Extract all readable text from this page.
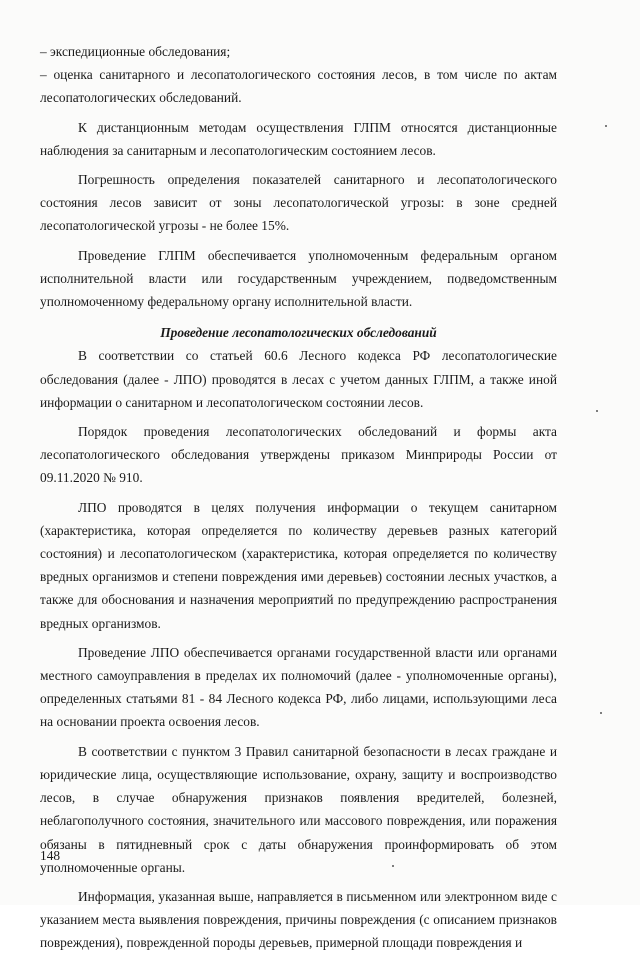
– экспедиционные обследования;

– оценка санитарного и лесопатологического состояния лесов, в том числе по актам лесопатологических обследований.

К дистанционным методам осуществления ГЛПМ относятся дистанционные наблюдения за санитарным и лесопатологическим состоянием лесов.

Погрешность определения показателей санитарного и лесопатологического состояния лесов зависит от зоны лесопатологической угрозы: в зоне средней лесопатологической угрозы - не более 15%.

Проведение ГЛПМ обеспечивается уполномоченным федеральным органом исполнительной власти или государственным учреждением, подведомственным уполномоченному федеральному органу исполнительной власти.

Проведение лесопатологических обследований

В соответствии со статьей 60.6 Лесного кодекса РФ лесопатологические обследования (далее - ЛПО) проводятся в лесах с учетом данных ГЛПМ, а также иной информации о санитарном и лесопатологическом состоянии лесов.

Порядок проведения лесопатологических обследований и формы акта лесопатологического обследования утверждены приказом Минприроды России от 09.11.2020 № 910.

ЛПО проводятся в целях получения информации о текущем санитарном (характеристика, которая определяется по количеству деревьев разных категорий состояния) и лесопатологическом (характеристика, которая определяется по количеству вредных организмов и степени повреждения ими деревьев) состоянии лесных участков, а также для обоснования и назначения мероприятий по предупреждению распространения вредных организмов.

Проведение ЛПО обеспечивается органами государственной власти или органами местного самоуправления в пределах их полномочий (далее - уполномоченные органы), определенных статьями 81 - 84 Лесного кодекса РФ, либо лицами, использующими леса на основании проекта освоения лесов.

В соответствии с пунктом 3 Правил санитарной безопасности в лесах граждане и юридические лица, осуществляющие использование, охрану, защиту и воспроизводство лесов, в случае обнаружения признаков появления вредителей, болезней, неблагополучного состояния, значительного или массового повреждения, или поражения обязаны в пятидневный срок с даты обнаружения проинформировать об этом уполномоченные органы.

Информация, указанная выше, направляется в письменном или электронном виде с указанием места выявления повреждения, причины повреждения (с описанием признаков повреждения), поврежденной породы деревьев, примерной площади повреждения и

148
